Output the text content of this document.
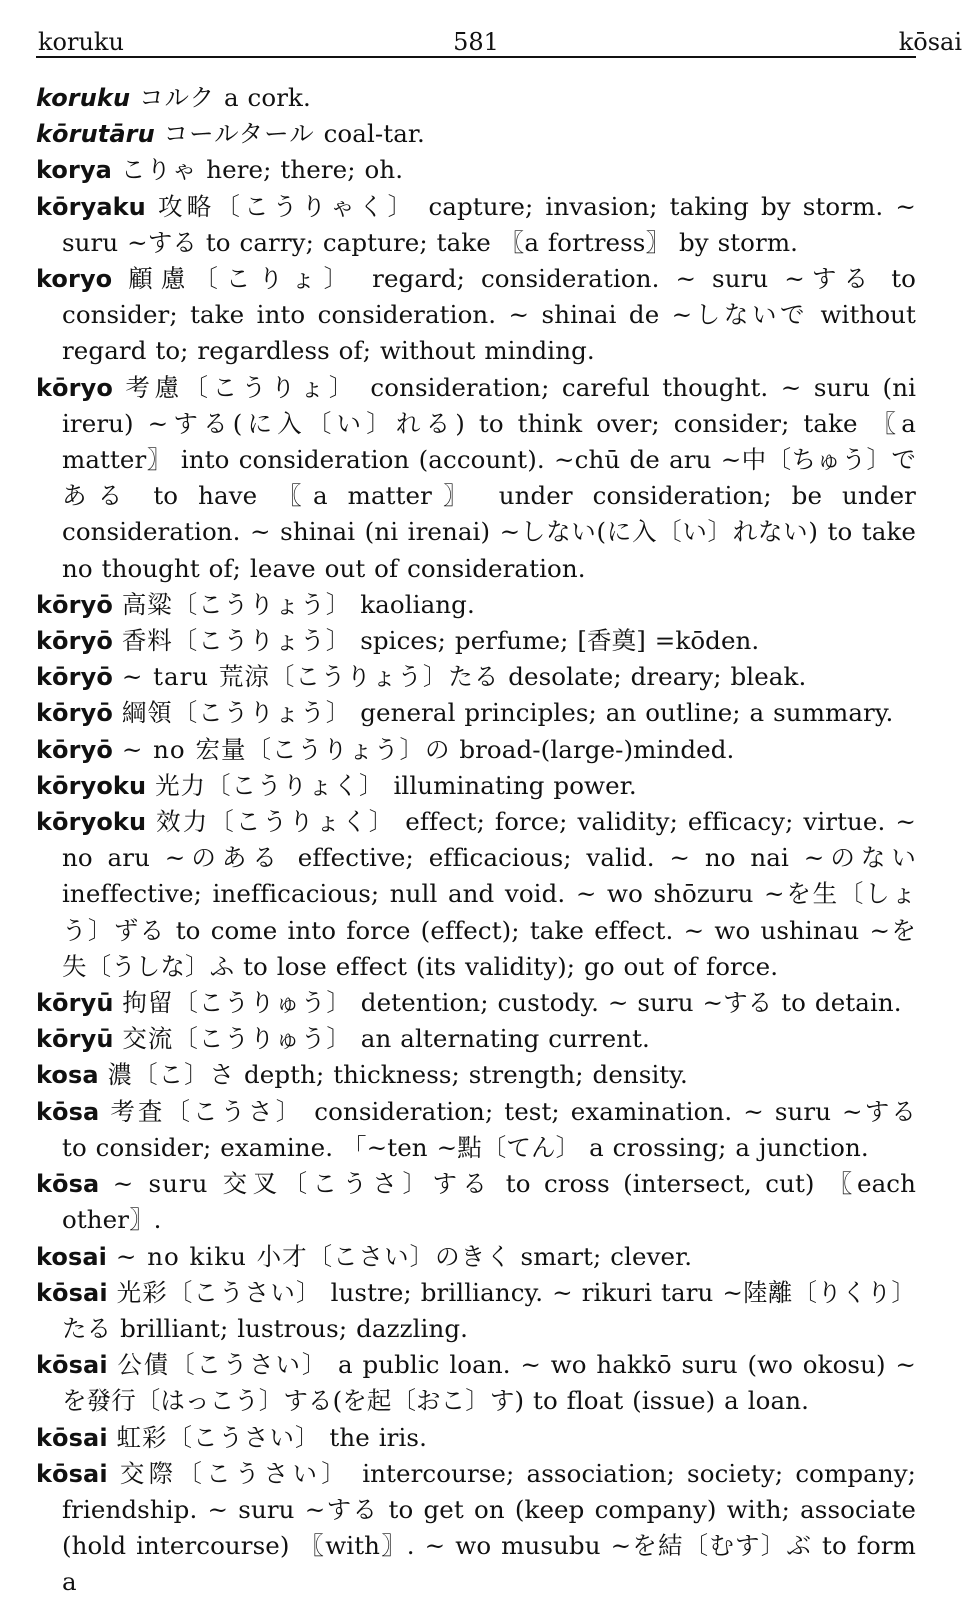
koruku	581	kōsai
koruku コルク a cork.
kōrutāru コールタール coal-tar.
korya こりゃ here; there; oh.
kōryaku 攻略〔こうりゃく〕 capture; invasion; taking by storm. ~ suru ~する to carry; capture; take 〖a fortress〗 by storm.
koryo 顧慮〔こりょ〕 regard; consideration. ~ suru ~する to consider; take into consideration. ~ shinai de ~しないで without regard to; regardless of; without minding.
kōryo 考慮〔こうりょ〕 consideration; careful thought. ~ suru (ni ireru) ~する(に入〔い〕れる) to think over; consider; take 〖a matter〗 into consideration (account). ~chū de aru ~中〔ちゅう〕である to have 〖a matter〗 under consideration; be under consideration. ~ shinai (ni irenai) ~しない(に入〔い〕れない) to take no thought of; leave out of consideration.
kōryō 高粱〔こうりょう〕 kaoliang.
kōryō 香料〔こうりょう〕 spices; perfume; [香奠] =kōden.
kōryō ~ taru 荒涼〔こうりょう〕たる desolate; dreary; bleak.
kōryō 綱領〔こうりょう〕 general principles; an outline; a summary.
kōryō ~ no 宏量〔こうりょう〕の broad-(large-)minded.
kōryoku 光力〔こうりょく〕 illuminating power.
kōryoku 效力〔こうりょく〕 effect; force; validity; efficacy; virtue. ~ no aru ~のある effective; efficacious; valid. ~ no nai ~のない ineffective; inefficacious; null and void. ~ wo shōzuru ~を生〔しょう〕ずる to come into force (effect); take effect. ~ wo ushinau ~を失〔うしな〕ふ to lose effect (its validity); go out of force.
kōryū 拘留〔こうりゅう〕 detention; custody. ~ suru ~する to detain.
kōryū 交流〔こうりゅう〕 an alternating current.
kosa 濃〔こ〕さ depth; thickness; strength; density.
kōsa 考査〔こうさ〕 consideration; test; examination. ~ suru ~する to consider; examine. 「~ten ~點〔てん〕 a crossing; a junction.
kōsa ~ suru 交叉〔こうさ〕する to cross (intersect, cut) 〖each other〗.
kosai ~ no kiku 小才〔こさい〕のきく smart; clever.
kōsai 光彩〔こうさい〕 lustre; brilliancy. ~ rikuri taru ~陸離〔りくり〕たる brilliant; lustrous; dazzling.
kōsai 公債〔こうさい〕 a public loan. ~ wo hakkō suru (wo okosu) ~を發行〔はっこう〕する(を起〔おこ〕す) to float (issue) a loan.
kōsai 虹彩〔こうさい〕 the iris.
kōsai 交際〔こうさい〕 intercourse; association; society; company; friendship. ~ suru ~する to get on (keep company) with; associate (hold intercourse) 〖with〗. ~ wo musubu ~を結〔むす〕ぶ to form a
